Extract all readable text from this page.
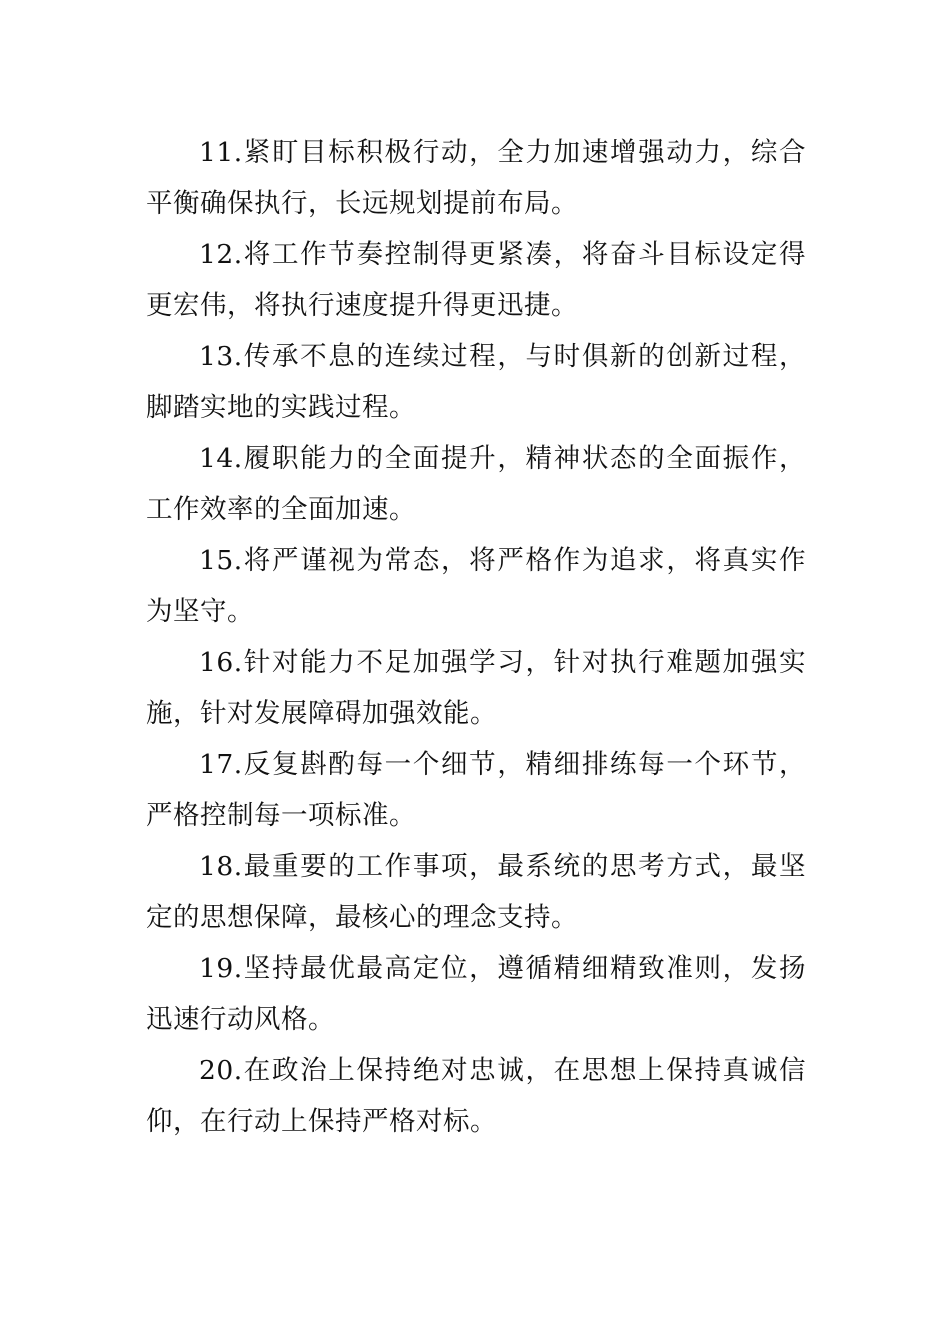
11.紧盯目标积极行动，全力加速增强动力，综合平衡确保执行，长远规划提前布局。

12.将工作节奏控制得更紧凑，将奋斗目标设定得更宏伟，将执行速度提升得更迅捷。

13.传承不息的连续过程，与时俱新的创新过程，脚踏实地的实践过程。

14.履职能力的全面提升，精神状态的全面振作，工作效率的全面加速。

15.将严谨视为常态，将严格作为追求，将真实作为坚守。

16.针对能力不足加强学习，针对执行难题加强实施，针对发展障碍加强效能。

17.反复斟酌每一个细节，精细排练每一个环节，严格控制每一项标准。

18.最重要的工作事项，最系统的思考方式，最坚定的思想保障，最核心的理念支持。

19.坚持最优最高定位，遵循精细精致准则，发扬迅速行动风格。

20.在政治上保持绝对忠诚，在思想上保持真诚信仰，在行动上保持严格对标。
